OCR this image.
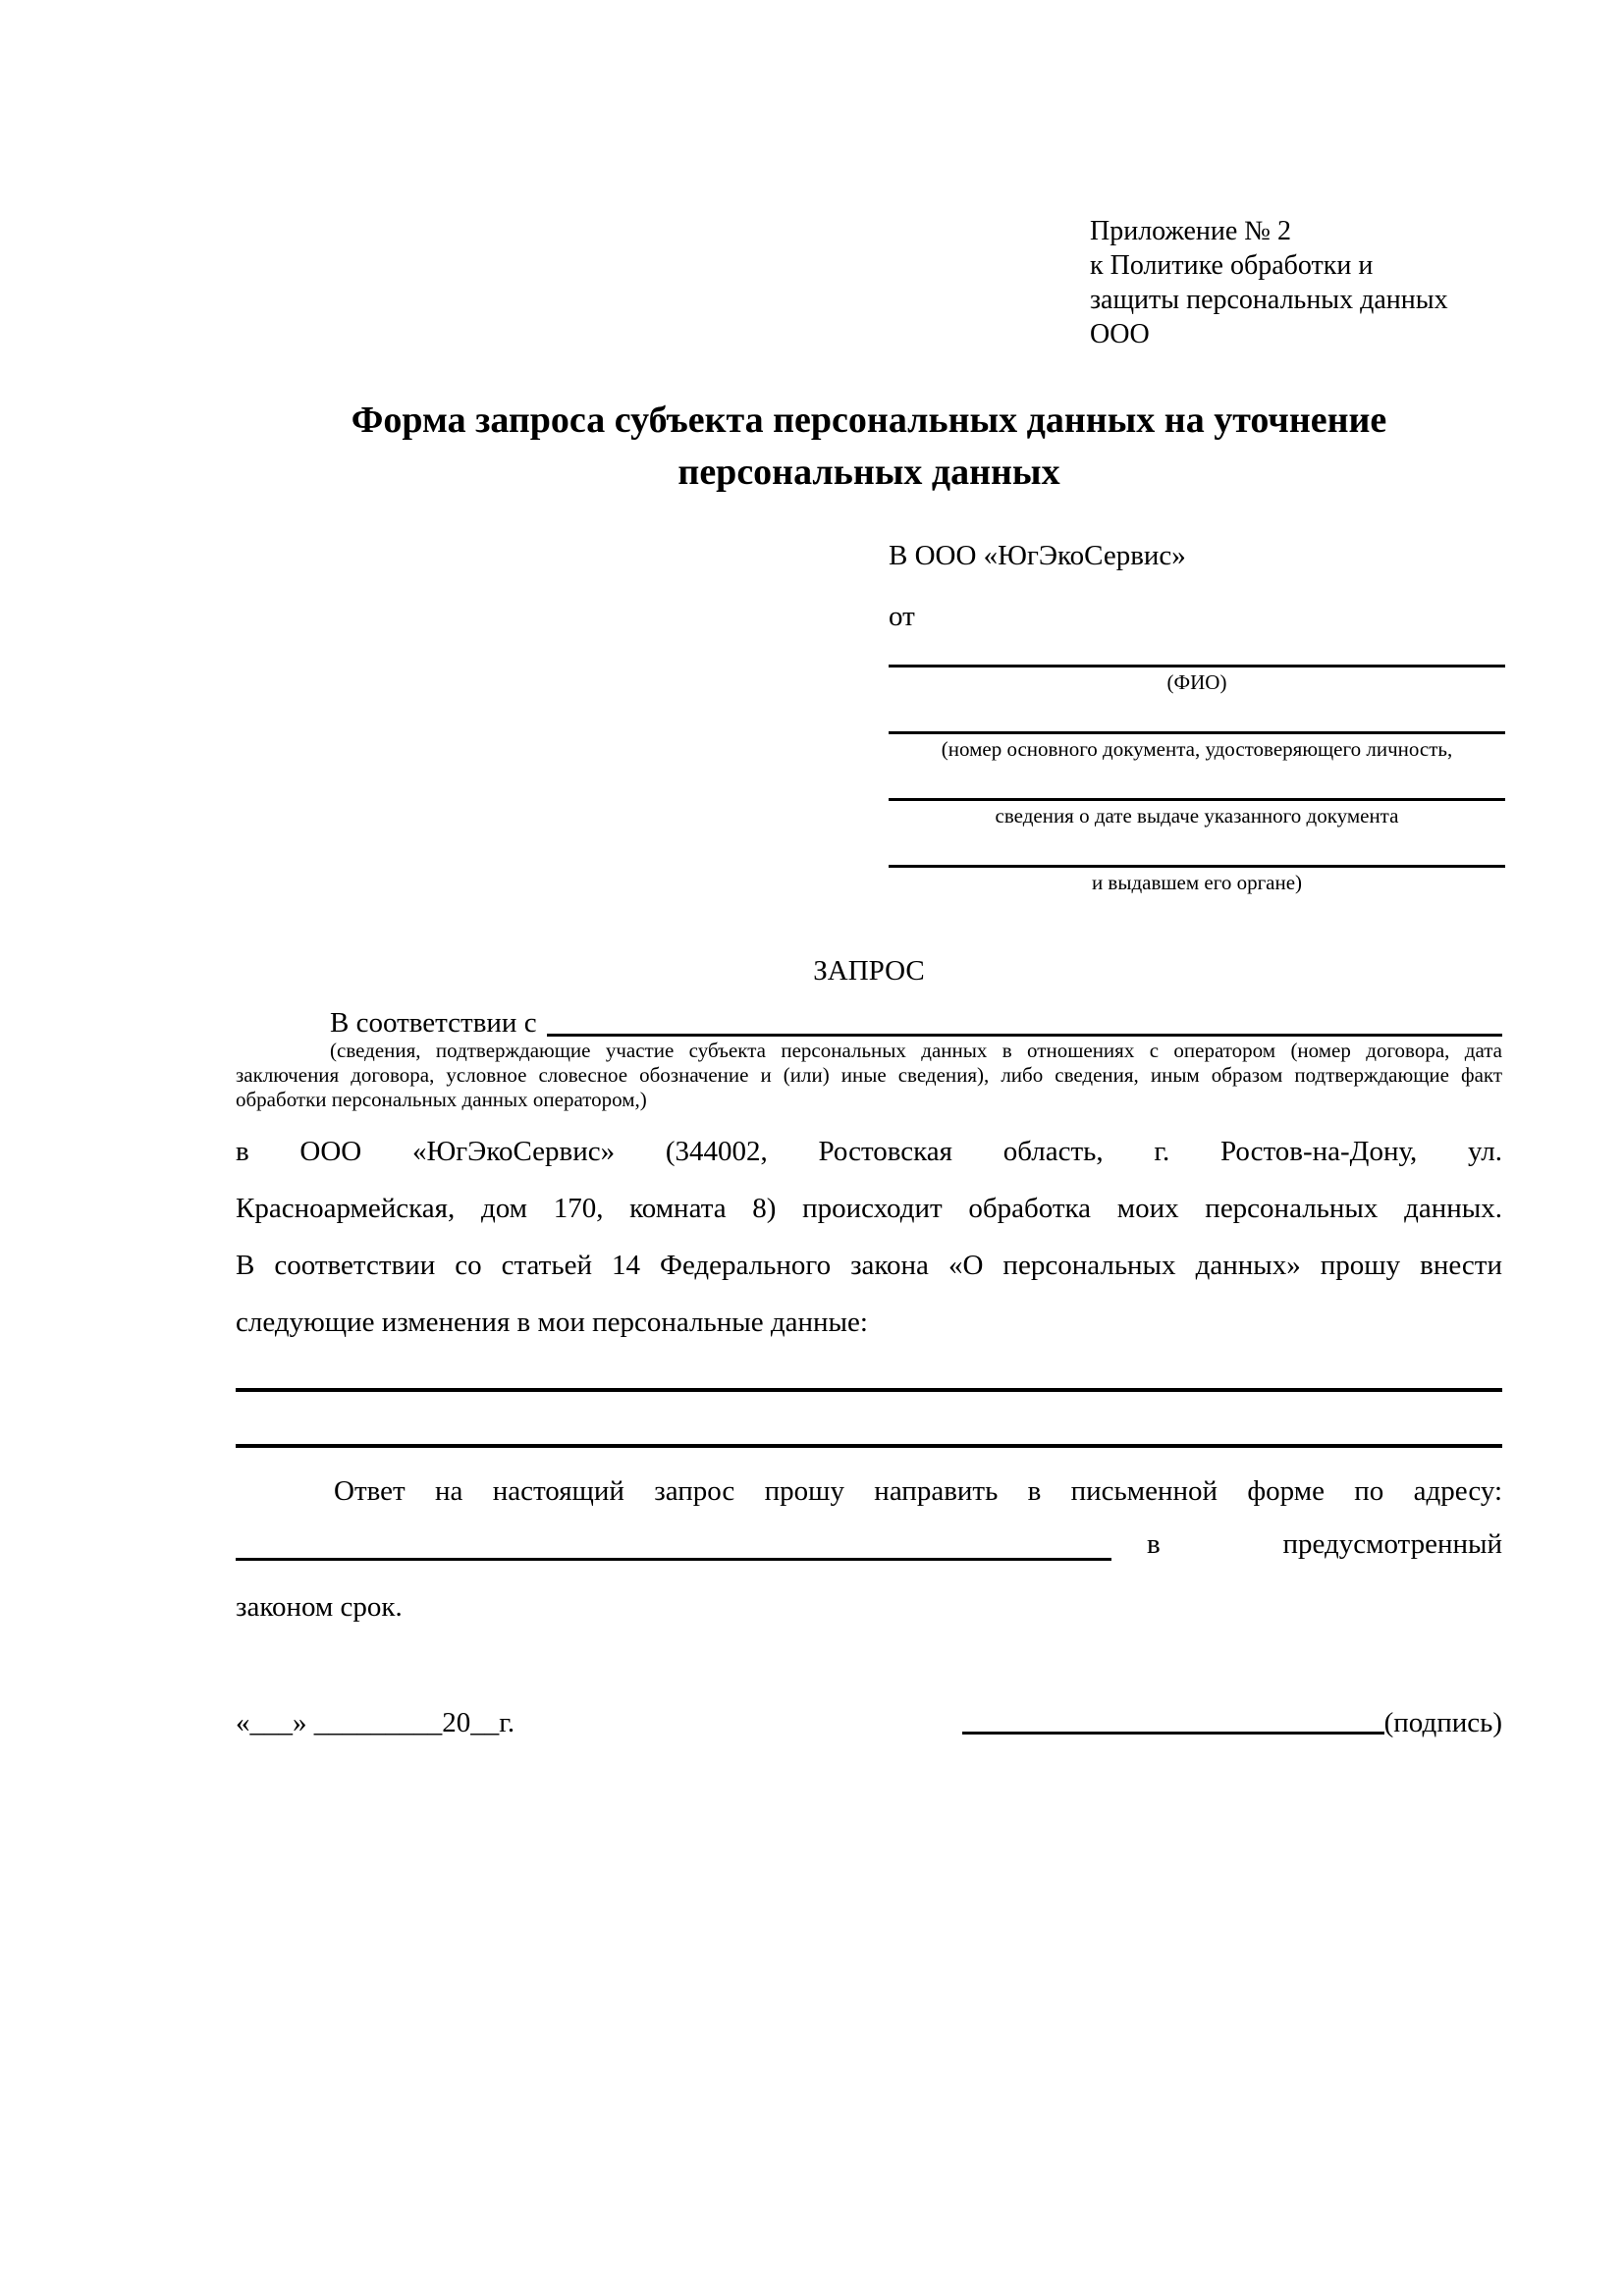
Приложение № 2
к Политике обработки и
защиты персональных данных
ООО
Форма запроса субъекта персональных данных на уточнение
персональных данных
В ООО «ЮгЭкоСервис»
от
(ФИО)
(номер основного документа, удостоверяющего личность,
сведения о дате выдаче указанного документа
и выдавшем его органе)
ЗАПРОС
В соответствии с
(сведения, подтверждающие участие субъекта персональных данных в отношениях с оператором (номер договора, дата
заключения договора, условное словесное обозначение и (или) иные сведения), либо сведения, иным образом подтверждающие факт
обработки персональных данных оператором,)
в ООО «ЮгЭкоСервис» (344002, Ростовская область, г. Ростов-на-Дону, ул.
Красноармейская, дом 170, комната 8) происходит обработка моих персональных данных.
В соответствии со статьей 14 Федерального закона «О персональных данных» прошу внести
следующие изменения в мои персональные данные:
Ответ на настоящий запрос прошу направить в письменной форме по адресу:
в	предусмотренный
законом срок.
«___» _________20__г.	(подпись)
